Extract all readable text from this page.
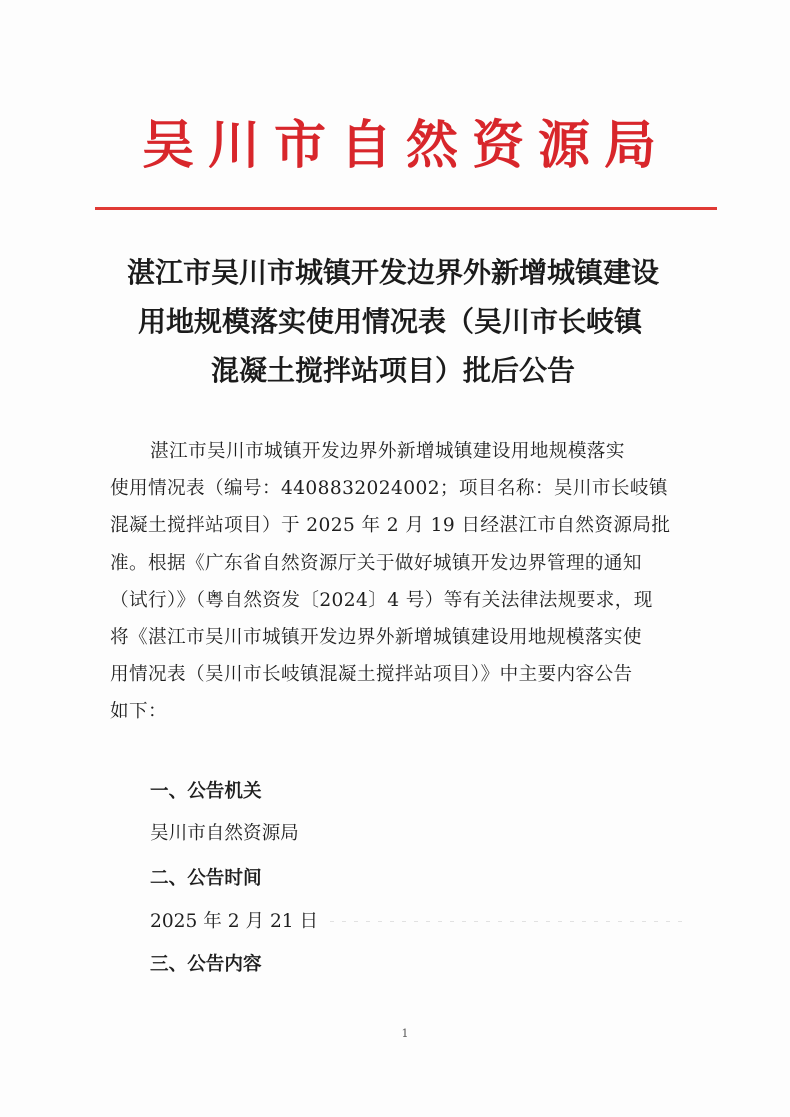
吴川市自然资源局
湛江市吴川市城镇开发边界外新增城镇建设
用地规模落实使用情况表（吴川市长岐镇
混凝土搅拌站项目）批后公告
湛江市吴川市城镇开发边界外新增城镇建设用地规模落实
使用情况表（编号：4408832024002；项目名称：吴川市长岐镇
混凝土搅拌站项目）于 2025 年 2 月 19 日经湛江市自然资源局批
准。根据《广东省自然资源厅关于做好城镇开发边界管理的通知
（试行）》（粤自然资发〔2024〕4 号）等有关法律法规要求，现
将《湛江市吴川市城镇开发边界外新增城镇建设用地规模落实使
用情况表（吴川市长岐镇混凝土搅拌站项目）》中主要内容公告
如下：
一、公告机关
吴川市自然资源局
二、公告时间
2025 年 2 月 21 日
三、公告内容
1
